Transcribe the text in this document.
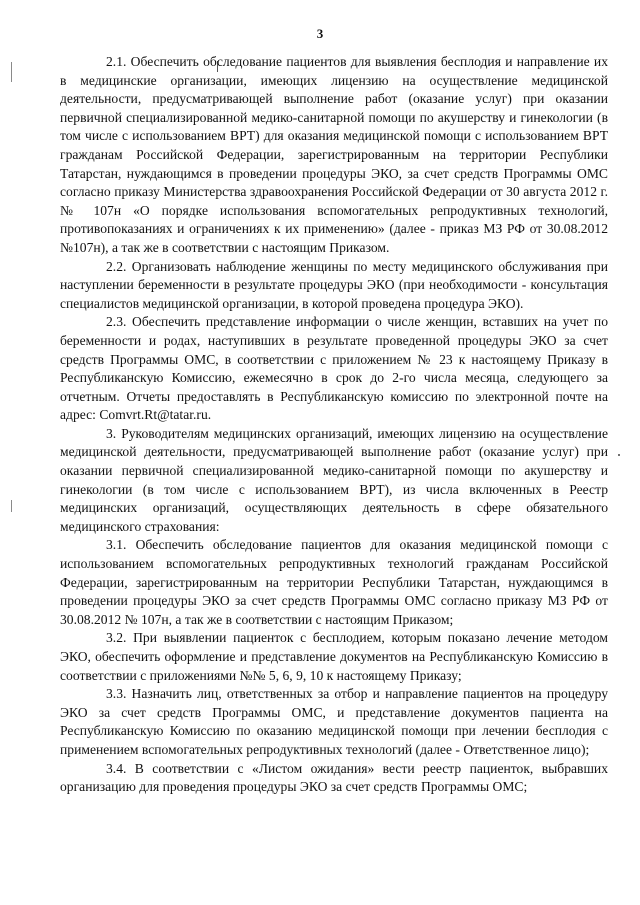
3

2.1. Обеспечить обследование пациентов для выявления бесплодия и направление их в медицинские организации, имеющих лицензию на осуществление медицинской деятельности, предусматривающей выполнение работ (оказание услуг) при оказании первичной специализированной медико-санитарной помощи по акушерству и гинекологии (в том числе с использованием ВРТ) для оказания медицинской помощи с использованием ВРТ гражданам Российской Федерации, зарегистрированным на территории Республики Татарстан, нуждающимся в проведении процедуры ЭКО, за счет средств Программы ОМС согласно приказу Министерства здравоохранения Российской Федерации от 30 августа 2012 г. № 107н «О порядке использования вспомогательных репродуктивных технологий, противопоказаниях и ограничениях к их применению» (далее - приказ МЗ РФ от 30.08.2012 №107н), а так же в соответствии с настоящим Приказом.

2.2. Организовать наблюдение женщины по месту медицинского обслуживания при наступлении беременности в результате процедуры ЭКО (при необходимости - консультация специалистов медицинской организации, в которой проведена процедура ЭКО).

2.3. Обеспечить представление информации о числе женщин, вставших на учет по беременности и родах, наступивших в результате проведенной процедуры ЭКО за счет средств Программы ОМС, в соответствии с приложением № 23 к настоящему Приказу в Республиканскую Комиссию, ежемесячно в срок до 2-го числа месяца, следующего за отчетным. Отчеты предоставлять в Республиканскую комиссию по электронной почте на адрес: Comvrt.Rt@tatar.ru.

3. Руководителям медицинских организаций, имеющих лицензию на осуществление медицинской деятельности, предусматривающей выполнение работ (оказание услуг) при оказании первичной специализированной медико-санитарной помощи по акушерству и гинекологии (в том числе с использованием ВРТ), из числа включенных в Реестр медицинских организаций, осуществляющих деятельность в сфере обязательного медицинского страхования:

3.1. Обеспечить обследование пациентов для оказания медицинской помощи с использованием вспомогательных репродуктивных технологий гражданам Российской Федерации, зарегистрированным на территории Республики Татарстан, нуждающимся в проведении процедуры ЭКО за счет средств Программы ОМС согласно приказу МЗ РФ от 30.08.2012 № 107н, а так же в соответствии с настоящим Приказом;

3.2. При выявлении пациенток с бесплодием, которым показано лечение методом ЭКО, обеспечить оформление и представление документов на Республиканскую Комиссию в соответствии с приложениями №№ 5, 6, 9, 10 к настоящему Приказу;

3.3. Назначить лиц, ответственных за отбор и направление пациентов на процедуру ЭКО за счет средств Программы ОМС, и представление документов пациента на Республиканскую Комиссию по оказанию медицинской помощи при лечении бесплодия с применением вспомогательных репродуктивных технологий (далее - Ответственное лицо);

3.4. В соответствии с «Листом ожидания» вести реестр пациенток, выбравших организацию для проведения процедуры ЭКО за счет средств Программы ОМС;
